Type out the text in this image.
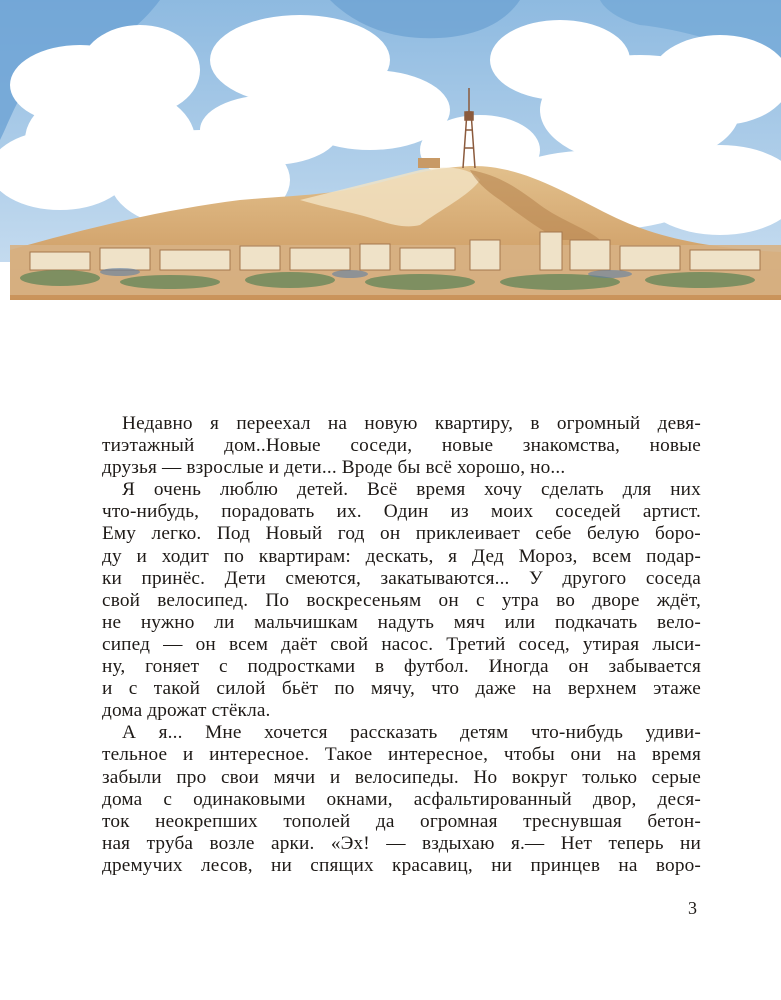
Недавно я переехал на новую квартиру, в огромный девя-
тиэтажный дом..Новые соседи, новые знакомства, новые
друзья — взрослые и дети... Вроде бы всё хорошо, но...
Я очень люблю детей. Всё время хочу сделать для них
что-нибудь, порадовать их. Один из моих соседей артист.
Ему легко. Под Новый год он приклеивает себе белую боро-
ду и ходит по квартирам: дескать, я Дед Мороз, всем подар-
ки принёс. Дети смеются, закатываются... У другого соседа
свой велосипед. По воскресеньям он с утра во дворе ждёт,
не нужно ли мальчишкам надуть мяч или подкачать вело-
сипед — он всем даёт свой насос. Третий сосед, утирая лыси-
ну, гоняет с подростками в футбол. Иногда он забывается
и с такой силой бьёт по мячу, что даже на верхнем этаже
дома дрожат стёкла.
А я... Мне хочется рассказать детям что-нибудь удиви-
тельное и интересное. Такое интересное, чтобы они на время
забыли про свои мячи и велосипеды. Но вокруг только серые
дома с одинаковыми окнами, асфальтированный двор, деся-
ток неокрепших тополей да огромная треснувшая бетон-
ная труба возле арки. «Эх! — вздыхаю я.— Нет теперь ни
дремучих лесов, ни спящих красавиц, ни принцев на воро-
3
